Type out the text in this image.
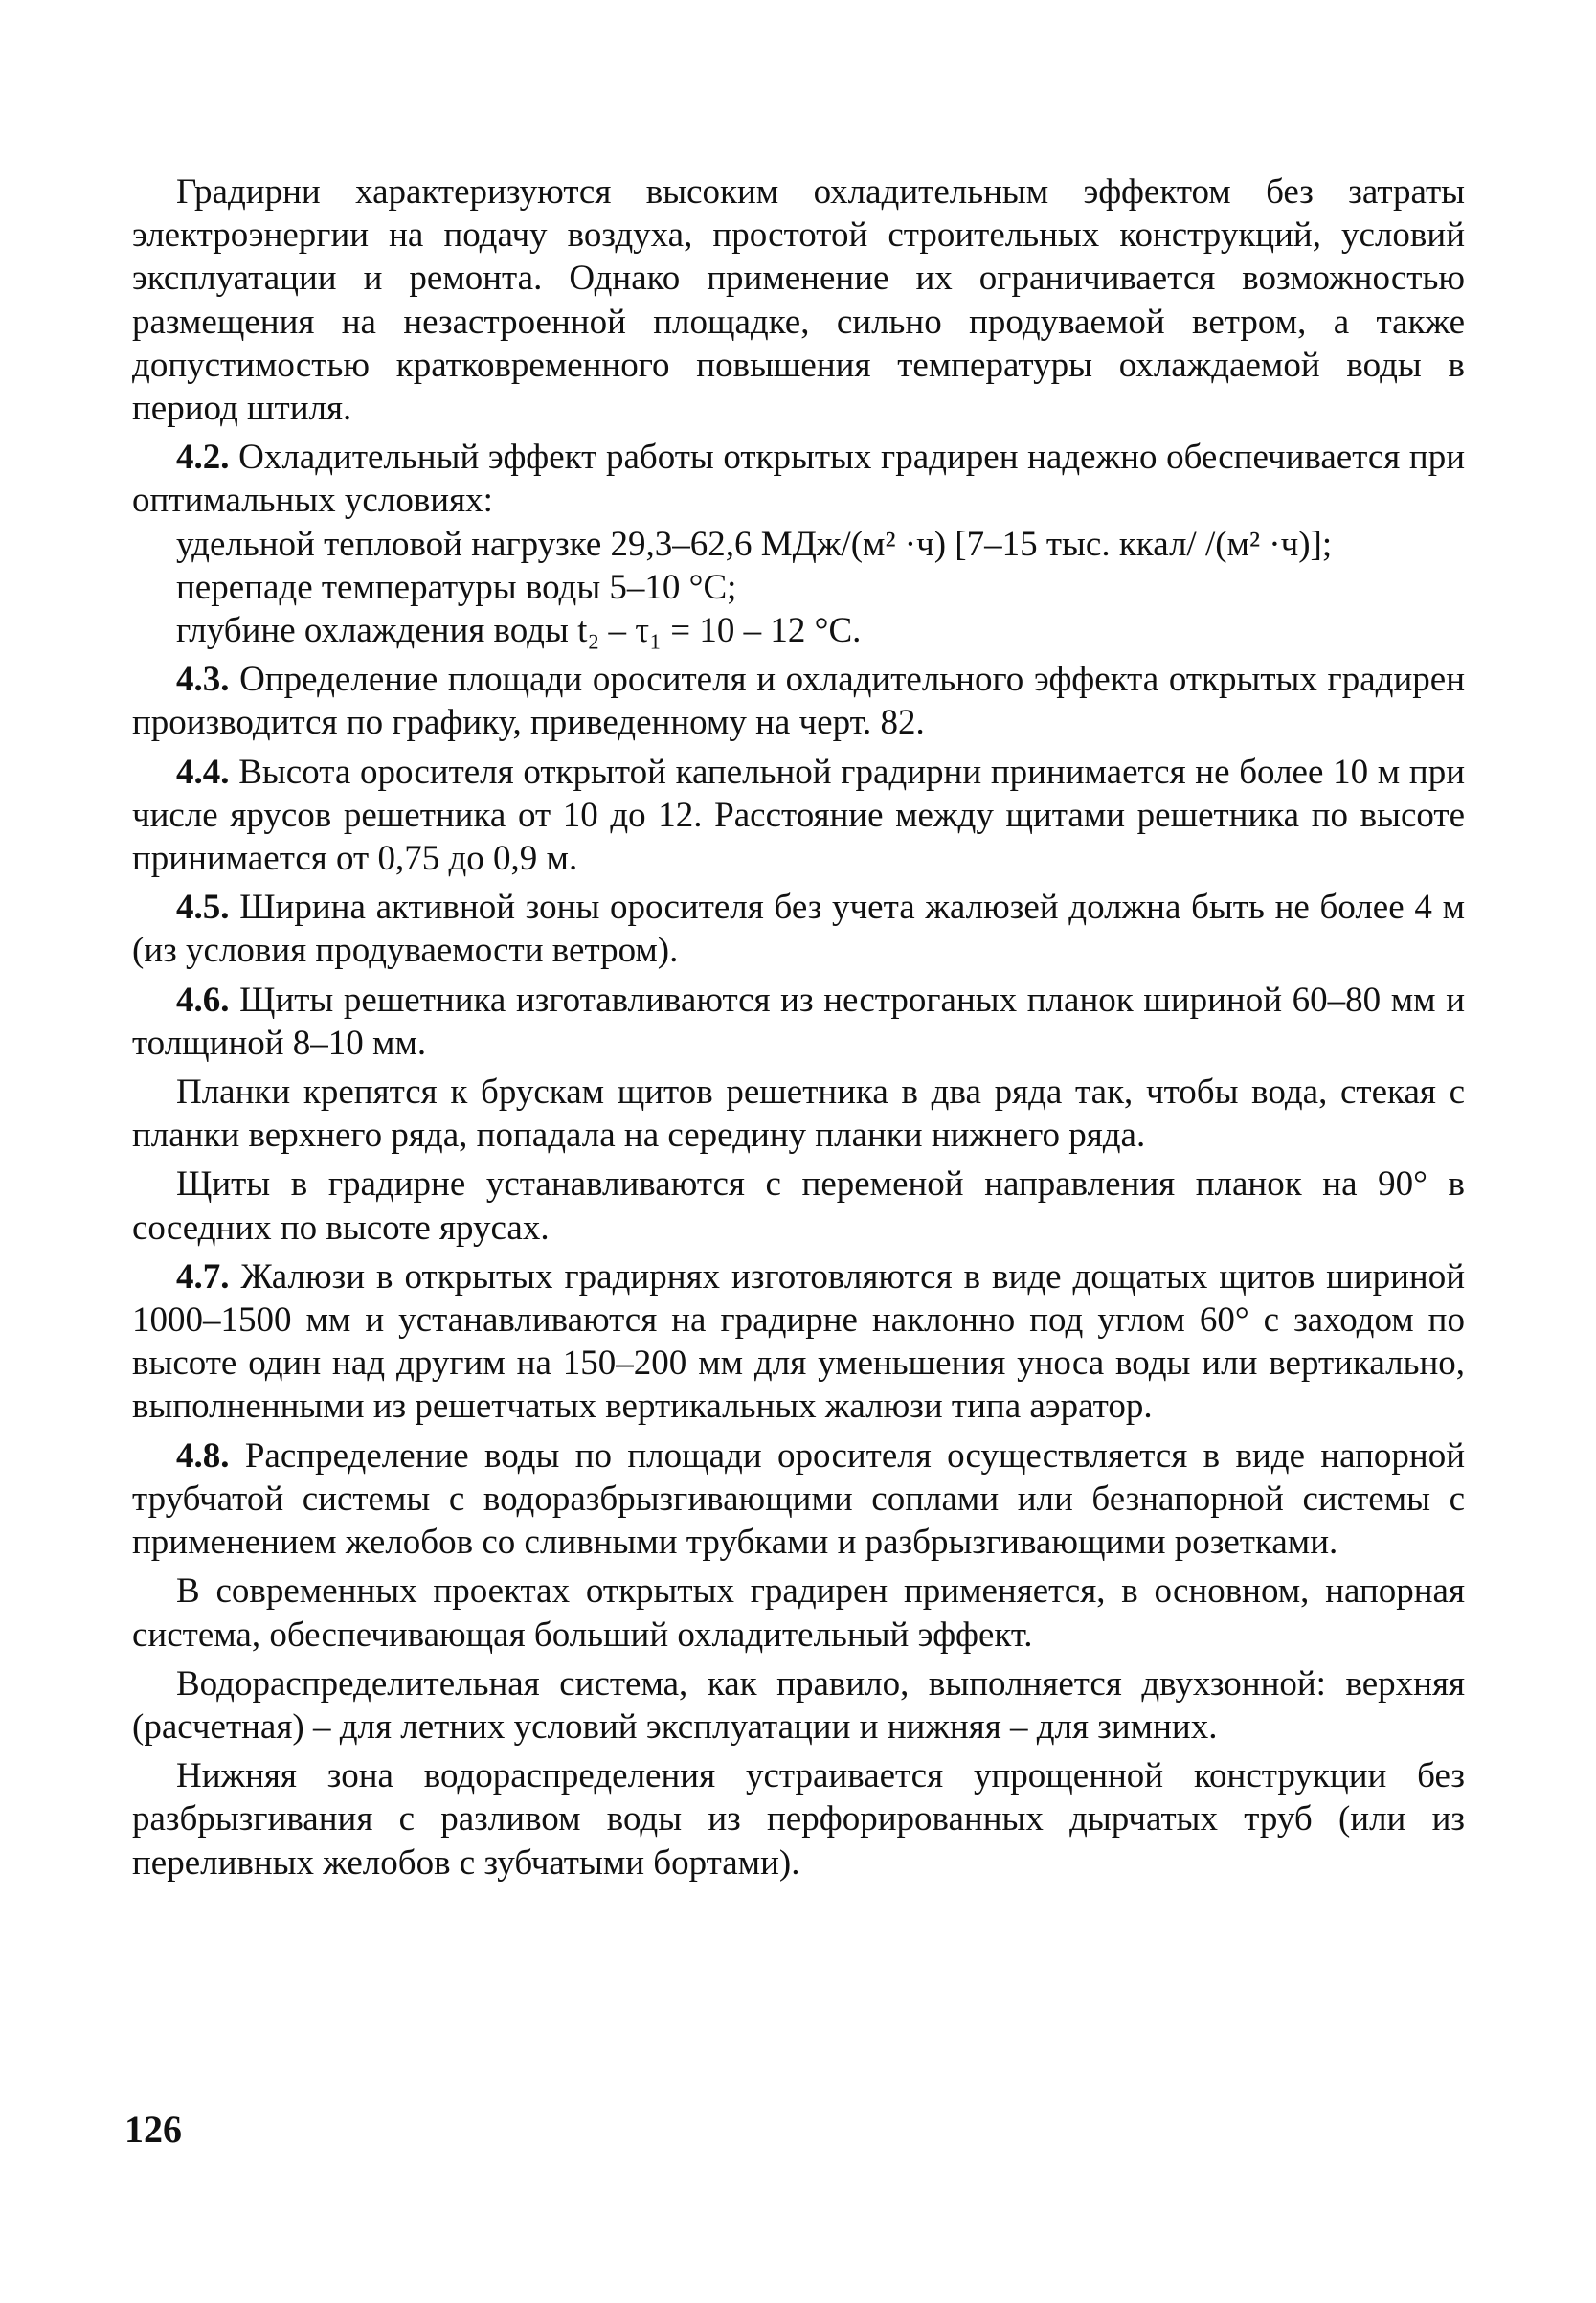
Градирни характеризуются высоким охладительным эффектом без затраты электроэнергии на подачу воздуха, простотой строительных конструкций, условий эксплуатации и ремонта. Однако применение их ограничивается возможностью размещения на незастроенной площадке, сильно продуваемой ветром, а также допустимостью кратковременного повышения температуры охлаждаемой воды в период штиля.

4.2. Охладительный эффект работы открытых градирен надежно обеспечивается при оптимальных условиях:

удельной тепловой нагрузке 29,3–62,6 МДж/(м² ·ч) [7–15 тыс. ккал/ /(м² ·ч)];

перепаде температуры воды 5–10 °С;

глубине охлаждения воды t₂ – τ₁ = 10 – 12 °С.

4.3. Определение площади оросителя и охладительного эффекта открытых градирен производится по графику, приведенному на черт. 82.

4.4. Высота оросителя открытой капельной градирни принимается не более 10 м при числе ярусов решетника от 10 до 12. Расстояние между щитами решетника по высоте принимается от 0,75 до 0,9 м.

4.5. Ширина активной зоны оросителя без учета жалюзей должна быть не более 4 м (из условия продуваемости ветром).

4.6. Щиты решетника изготавливаются из нестроганых планок шириной 60–80 мм и толщиной 8–10 мм.

Планки крепятся к брускам щитов решетника в два ряда так, чтобы вода, стекая с планки верхнего ряда, попадала на середину планки нижнего ряда.

Щиты в градирне устанавливаются с переменой направления планок на 90° в соседних по высоте ярусах.

4.7. Жалюзи в открытых градирнях изготовляются в виде дощатых щитов шириной 1000–1500 мм и устанавливаются на градирне наклонно под углом 60° с заходом по высоте один над другим на 150–200 мм для уменьшения уноса воды или вертикально, выполненными из решетчатых вертикальных жалюзи типа аэратор.

4.8. Распределение воды по площади оросителя осуществляется в виде напорной трубчатой системы с водоразбрызгивающими соплами или безнапорной системы с применением желобов со сливными трубками и разбрызгивающими розетками.

В современных проектах открытых градирен применяется, в основном, напорная система, обеспечивающая больший охладительный эффект.

Водораспределительная система, как правило, выполняется двухзонной: верхняя (расчетная) – для летних условий эксплуатации и нижняя – для зимних.

Нижняя зона водораспределения устраивается упрощенной конструкции без разбрызгивания с разливом воды из перфорированных дырчатых труб (или из переливных желобов с зубчатыми бортами).

126
